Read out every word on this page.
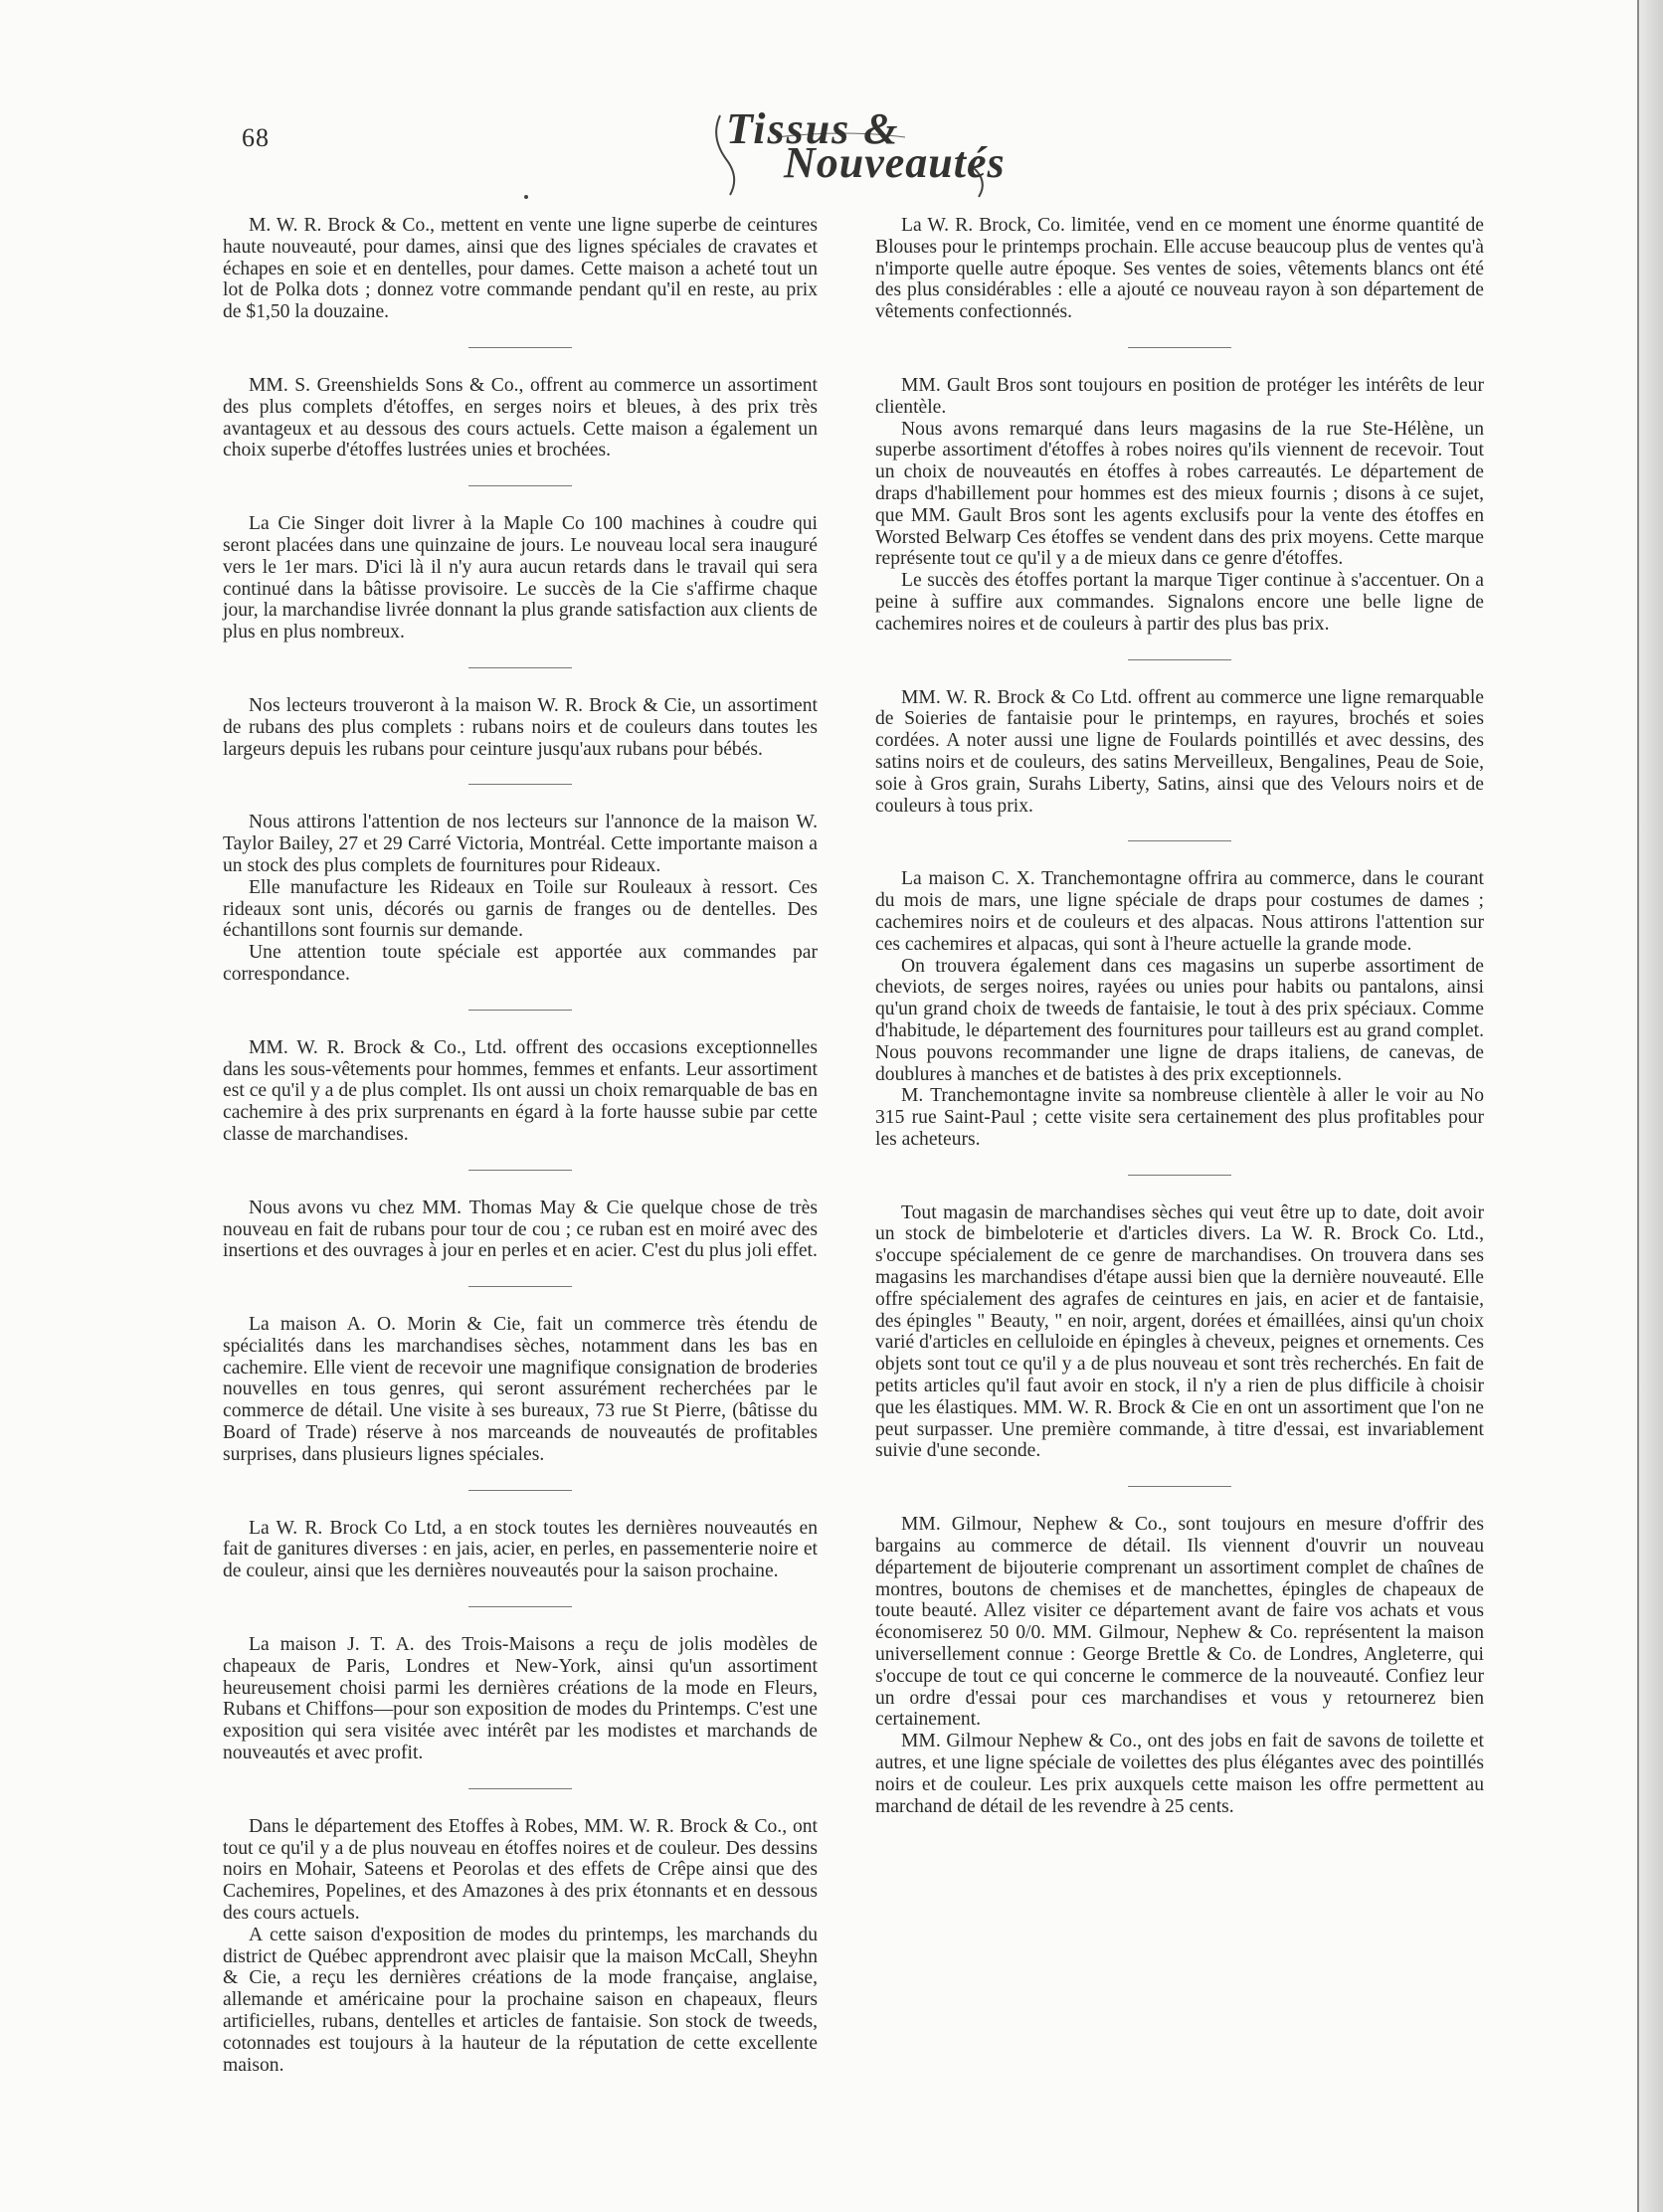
68	Tissus &
Nouveautés

M. W. R. Brock & Co., mettent en vente une ligne superbe de ceintures haute nouveauté, pour dames, ainsi que des lignes spéciales de cravates et échapes en soie et en dentelles, pour dames. Cette maison a acheté tout un lot de Polka dots ; donnez votre commande pendant qu'il en reste, au prix de $1,50 la douzaine.

MM. S. Greenshields Sons & Co., offrent au commerce un assortiment des plus complets d'étoffes, en serges noirs et bleues, à des prix très avantageux et au dessous des cours actuels. Cette maison a également un choix superbe d'étoffes lustrées unies et brochées.

La Cie Singer doit livrer à la Maple Co 100 machines à coudre qui seront placées dans une quinzaine de jours. Le nouveau local sera inauguré vers le 1er mars. D'ici là il n'y aura aucun retards dans le travail qui sera continué dans la bâtisse provisoire. Le succès de la Cie s'affirme chaque jour, la marchandise livrée donnant la plus grande satisfaction aux clients de plus en plus nombreux.

Nos lecteurs trouveront à la maison W. R. Brock & Cie, un assortiment de rubans des plus complets : rubans noirs et de couleurs dans toutes les largeurs depuis les rubans pour ceinture jusqu'aux rubans pour bébés.

Nous attirons l'attention de nos lecteurs sur l'annonce de la maison W. Taylor Bailey, 27 et 29 Carré Victoria, Montréal. Cette importante maison a un stock des plus complets de fournitures pour Rideaux.

Elle manufacture les Rideaux en Toile sur Rouleaux à ressort. Ces rideaux sont unis, décorés ou garnis de franges ou de dentelles. Des échantillons sont fournis sur demande.

Une attention toute spéciale est apportée aux commandes par correspondance.

MM. W. R. Brock & Co., Ltd. offrent des occasions exceptionnelles dans les sous-vêtements pour hommes, femmes et enfants. Leur assortiment est ce qu'il y a de plus complet. Ils ont aussi un choix remarquable de bas en cachemire à des prix surprenants en égard à la forte hausse subie par cette classe de marchandises.

Nous avons vu chez MM. Thomas May & Cie quelque chose de très nouveau en fait de rubans pour tour de cou ; ce ruban est en moiré avec des insertions et des ouvrages à jour en perles et en acier. C'est du plus joli effet.

La maison A. O. Morin & Cie, fait un commerce très étendu de spécialités dans les marchandises sèches, notamment dans les bas en cachemire. Elle vient de recevoir une magnifique consignation de broderies nouvelles en tous genres, qui seront assurément recherchées par le commerce de détail. Une visite à ses bureaux, 73 rue St Pierre, (bâtisse du Board of Trade) réserve à nos marceands de nouveautés de profitables surprises, dans plusieurs lignes spéciales.

La W. R. Brock Co Ltd, a en stock toutes les dernières nouveautés en fait de ganitures diverses : en jais, acier, en perles, en passementerie noire et de couleur, ainsi que les dernières nouveautés pour la saison prochaine.

La maison J. T. A. des Trois-Maisons a reçu de jolis modèles de chapeaux de Paris, Londres et New-York, ainsi qu'un assortiment heureusement choisi parmi les dernières créations de la mode en Fleurs, Rubans et Chiffons—pour son exposition de modes du Printemps. C'est une exposition qui sera visitée avec intérêt par les modistes et marchands de nouveautés et avec profit.

Dans le département des Etoffes à Robes, MM. W. R. Brock & Co., ont tout ce qu'il y a de plus nouveau en étoffes noires et de couleur. Des dessins noirs en Mohair, Sateens et Peorolas et des effets de Crêpe ainsi que des Cachemires, Popelines, et des Amazones à des prix étonnants et en dessous des cours actuels.

A cette saison d'exposition de modes du printemps, les marchands du district de Québec apprendront avec plaisir que la maison McCall, Sheyhn & Cie, a reçu les dernières créations de la mode française, anglaise, allemande et américaine pour la prochaine saison en chapeaux, fleurs artificielles, rubans, dentelles et articles de fantaisie. Son stock de tweeds, cotonnades est toujours à la hauteur de la réputation de cette excellente maison.

La W. R. Brock, Co. limitée, vend en ce moment une énorme quantité de Blouses pour le printemps prochain. Elle accuse beaucoup plus de ventes qu'à n'importe quelle autre époque. Ses ventes de soies, vêtements blancs ont été des plus considérables : elle a ajouté ce nouveau rayon à son département de vêtements confectionnés.

MM. Gault Bros sont toujours en position de protéger les intérêts de leur clientèle.

Nous avons remarqué dans leurs magasins de la rue Ste-Hélène, un superbe assortiment d'étoffes à robes noires qu'ils viennent de recevoir. Tout un choix de nouveautés en étoffes à robes carreautés. Le département de draps d'habillement pour hommes est des mieux fournis ; disons à ce sujet, que MM. Gault Bros sont les agents exclusifs pour la vente des étoffes en Worsted Belwarp Ces étoffes se vendent dans des prix moyens. Cette marque représente tout ce qu'il y a de mieux dans ce genre d'étoffes.

Le succès des étoffes portant la marque Tiger continue à s'accentuer. On a peine à suffire aux commandes. Signalons encore une belle ligne de cachemires noires et de couleurs à partir des plus bas prix.

MM. W. R. Brock & Co Ltd. offrent au commerce une ligne remarquable de Soieries de fantaisie pour le printemps, en rayures, brochés et soies cordées. A noter aussi une ligne de Foulards pointillés et avec dessins, des satins noirs et de couleurs, des satins Merveilleux, Bengalines, Peau de Soie, soie à Gros grain, Surahs Liberty, Satins, ainsi que des Velours noirs et de couleurs à tous prix.

La maison C. X. Tranchemontagne offrira au commerce, dans le courant du mois de mars, une ligne spéciale de draps pour costumes de dames ; cachemires noirs et de couleurs et des alpacas. Nous attirons l'attention sur ces cachemires et alpacas, qui sont à l'heure actuelle la grande mode.

On trouvera également dans ces magasins un superbe assortiment de cheviots, de serges noires, rayées ou unies pour habits ou pantalons, ainsi qu'un grand choix de tweeds de fantaisie, le tout à des prix spéciaux. Comme d'habitude, le département des fournitures pour tailleurs est au grand complet. Nous pouvons recommander une ligne de draps italiens, de canevas, de doublures à manches et de batistes à des prix exceptionnels.

M. Tranchemontagne invite sa nombreuse clientèle à aller le voir au No 315 rue Saint-Paul ; cette visite sera certainement des plus profitables pour les acheteurs.

Tout magasin de marchandises sèches qui veut être up to date, doit avoir un stock de bimbeloterie et d'articles divers. La W. R. Brock Co. Ltd., s'occupe spécialement de ce genre de marchandises. On trouvera dans ses magasins les marchandises d'étape aussi bien que la dernière nouveauté. Elle offre spécialement des agrafes de ceintures en jais, en acier et de fantaisie, des épingles " Beauty, " en noir, argent, dorées et émaillées, ainsi qu'un choix varié d'articles en celluloide en épingles à cheveux, peignes et ornements. Ces objets sont tout ce qu'il y a de plus nouveau et sont très recherchés. En fait de petits articles qu'il faut avoir en stock, il n'y a rien de plus difficile à choisir que les élastiques. MM. W. R. Brock & Cie en ont un assortiment que l'on ne peut surpasser. Une première commande, à titre d'essai, est invariablement suivie d'une seconde.

MM. Gilmour, Nephew & Co., sont toujours en mesure d'offrir des bargains au commerce de détail. Ils viennent d'ouvrir un nouveau département de bijouterie comprenant un assortiment complet de chaînes de montres, boutons de chemises et de manchettes, épingles de chapeaux de toute beauté. Allez visiter ce département avant de faire vos achats et vous économiserez 50 0/0. MM. Gilmour, Nephew & Co. représentent la maison universellement connue : George Brettle & Co. de Londres, Angleterre, qui s'occupe de tout ce qui concerne le commerce de la nouveauté. Confiez leur un ordre d'essai pour ces marchandises et vous y retournerez bien certainement.

MM. Gilmour Nephew & Co., ont des jobs en fait de savons de toilette et autres, et une ligne spéciale de voilettes des plus élégantes avec des pointillés noirs et de couleur. Les prix auxquels cette maison les offre permettent au marchand de détail de les revendre à 25 cents.
